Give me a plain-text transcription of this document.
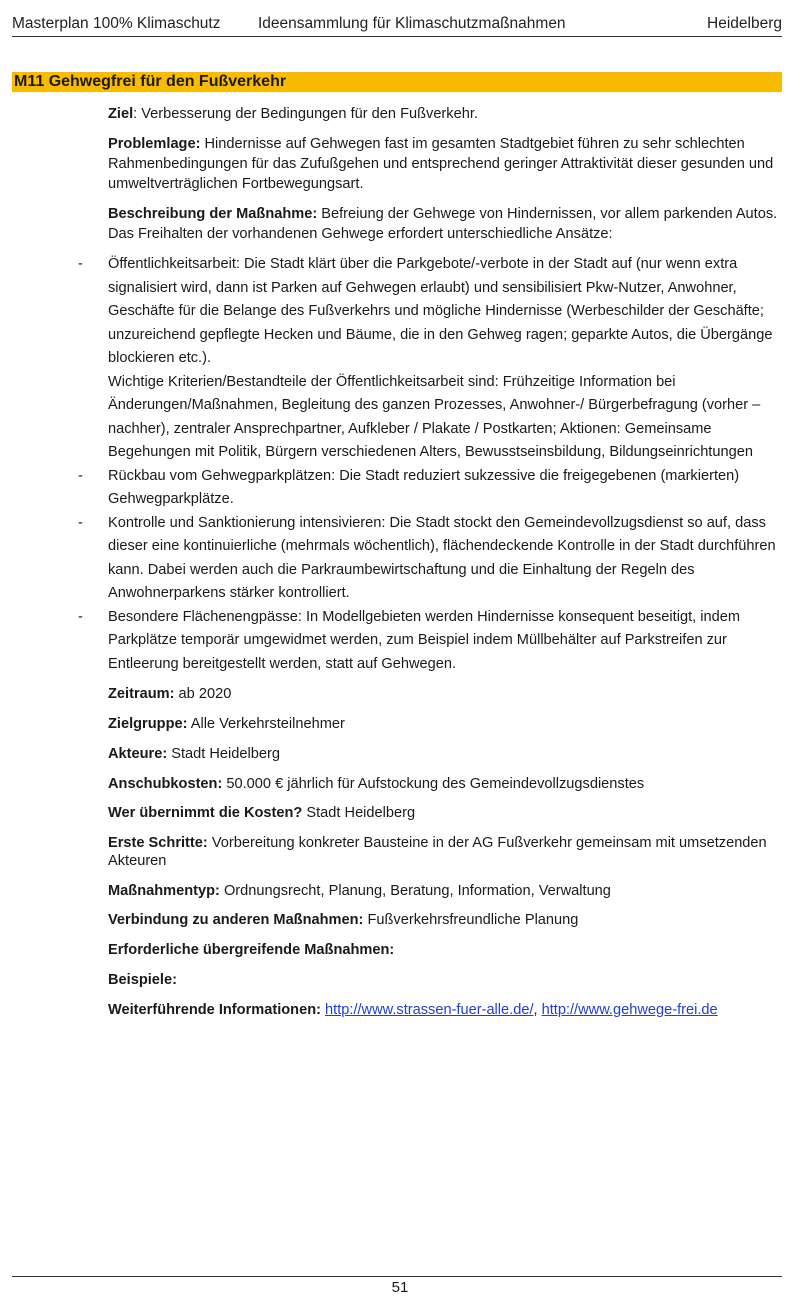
Masterplan 100% Klimaschutz Ideensammlung für Klimaschutzmaßnahmen	Heidelberg
M11 Gehwegfrei für den Fußverkehr

Ziel: Verbesserung der Bedingungen für den Fußverkehr.

Problemlage: Hindernisse auf Gehwegen fast im gesamten Stadtgebiet führen zu sehr schlechten Rahmenbedingungen für das Zufußgehen und entsprechend geringer Attraktivität dieser gesunden und umweltverträglichen Fortbewegungsart.

Beschreibung der Maßnahme: Befreiung der Gehwege von Hindernissen, vor allem parkenden Autos. Das Freihalten der vorhandenen Gehwege erfordert unterschiedliche Ansätze:

- Öffentlichkeitsarbeit: Die Stadt klärt über die Parkgebote/-verbote in der Stadt auf (nur wenn extra signalisiert wird, dann ist Parken auf Gehwegen erlaubt) und sensibilisiert Pkw-Nutzer, Anwohner, Geschäfte für die Belange des Fußverkehrs und mögliche Hindernisse (Werbeschilder der Geschäfte; unzureichend gepflegte Hecken und Bäume, die in den Gehweg ragen; geparkte Autos, die Übergänge blockieren etc.).
Wichtige Kriterien/Bestandteile der Öffentlichkeitsarbeit sind: Frühzeitige Information bei Änderungen/Maßnahmen, Begleitung des ganzen Prozesses, Anwohner-/ Bürgerbefragung (vorher – nachher), zentraler Ansprechpartner, Aufkleber / Plakate / Postkarten; Aktionen: Gemeinsame Begehungen mit Politik, Bürgern verschiedenen Alters, Bewusstseinsbildung, Bildungseinrichtungen
- Rückbau vom Gehwegparkplätzen: Die Stadt reduziert sukzessive die freigegebenen (markierten) Gehwegparkplätze.
- Kontrolle und Sanktionierung intensivieren: Die Stadt stockt den Gemeindevollzugsdienst so auf, dass dieser eine kontinuierliche (mehrmals wöchentlich), flächendeckende Kontrolle in der Stadt durchführen kann. Dabei werden auch die Parkraumbewirtschaftung und die Einhaltung der Regeln des Anwohnerparkens stärker kontrolliert.
- Besondere Flächenengpässe: In Modellgebieten werden Hindernisse konsequent beseitigt, indem Parkplätze temporär umgewidmet werden, zum Beispiel indem Müllbehälter auf Parkstreifen zur Entleerung bereitgestellt werden, statt auf Gehwegen.
Zeitraum: ab 2020
Zielgruppe: Alle Verkehrsteilnehmer
Akteure: Stadt Heidelberg
Anschubkosten: 50.000 € jährlich für Aufstockung des Gemeindevollzugsdienstes
Wer übernimmt die Kosten? Stadt Heidelberg
Erste Schritte: Vorbereitung konkreter Bausteine in der AG Fußverkehr gemeinsam mit umsetzenden Akteuren
Maßnahmentyp: Ordnungsrecht, Planung, Beratung, Information, Verwaltung
Verbindung zu anderen Maßnahmen: Fußverkehrsfreundliche Planung
Erforderliche übergreifende Maßnahmen:
Beispiele:
Weiterführende Informationen: http://www.strassen-fuer-alle.de/, http://www.gehwege-frei.de
51
